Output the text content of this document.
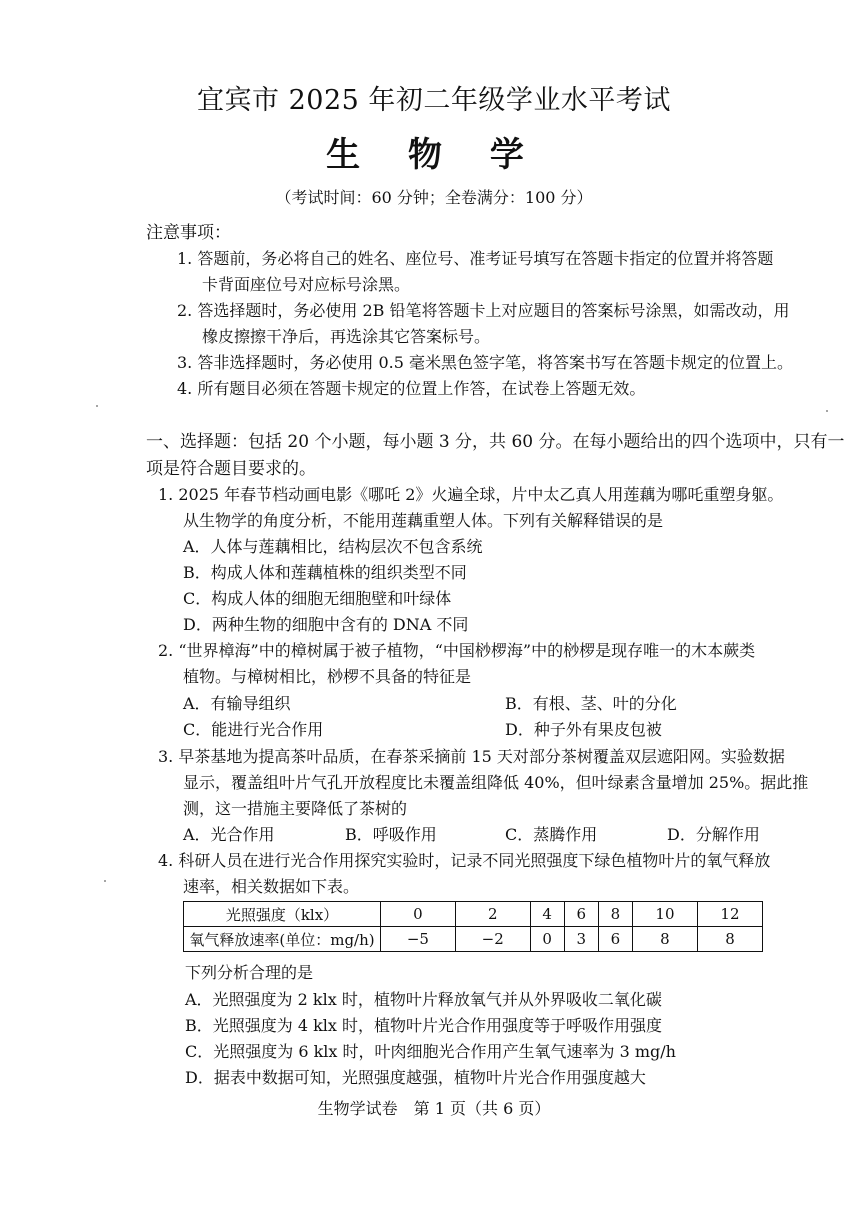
宜宾市 2025 年初二年级学业水平考试
生 物 学
（考试时间：60 分钟；全卷满分：100 分）
注意事项：
1. 答题前，务必将自己的姓名、座位号、准考证号填写在答题卡指定的位置并将答题
卡背面座位号对应标号涂黑。
2. 答选择题时，务必使用 2B 铅笔将答题卡上对应题目的答案标号涂黑，如需改动，用
橡皮擦擦干净后，再选涂其它答案标号。
3. 答非选择题时，务必使用 0.5 毫米黑色签字笔，将答案书写在答题卡规定的位置上。
4. 所有题目必须在答题卡规定的位置上作答，在试卷上答题无效。
一、选择题：包括 20 个小题，每小题 3 分，共 60 分。在每小题给出的四个选项中，只有一
项是符合题目要求的。
1. 2025 年春节档动画电影《哪吒 2》火遍全球，片中太乙真人用莲藕为哪吒重塑身躯。
从生物学的角度分析，不能用莲藕重塑人体。下列有关解释错误的是
A．人体与莲藕相比，结构层次不包含系统
B．构成人体和莲藕植株的组织类型不同
C．构成人体的细胞无细胞壁和叶绿体
D．两种生物的细胞中含有的 DNA 不同
2. “世界樟海”中的樟树属于被子植物，“中国桫椤海”中的桫椤是现存唯一的木本蕨类
植物。与樟树相比，桫椤不具备的特征是
A．有输导组织	B．有根、茎、叶的分化
C．能进行光合作用	D．种子外有果皮包被
3. 早茶基地为提高茶叶品质，在春茶采摘前 15 天对部分茶树覆盖双层遮阳网。实验数据
显示，覆盖组叶片气孔开放程度比未覆盖组降低 40%，但叶绿素含量增加 25%。据此推
测，这一措施主要降低了茶树的
A．光合作用	B．呼吸作用	C．蒸腾作用	D．分解作用
4. 科研人员在进行光合作用探究实验时，记录不同光照强度下绿色植物叶片的氧气释放
速率，相关数据如下表。
光照强度（klx）	0	2	4	6	8	10	12
氧气释放速率(单位：mg/h)	−5	−2	0	3	6	8	8
下列分析合理的是
A．光照强度为 2 klx 时，植物叶片释放氧气并从外界吸收二氧化碳
B．光照强度为 4 klx 时，植物叶片光合作用强度等于呼吸作用强度
C．光照强度为 6 klx 时，叶肉细胞光合作用产生氧气速率为 3 mg/h
D．据表中数据可知，光照强度越强，植物叶片光合作用强度越大
生物学试卷　第 1 页（共 6 页）
